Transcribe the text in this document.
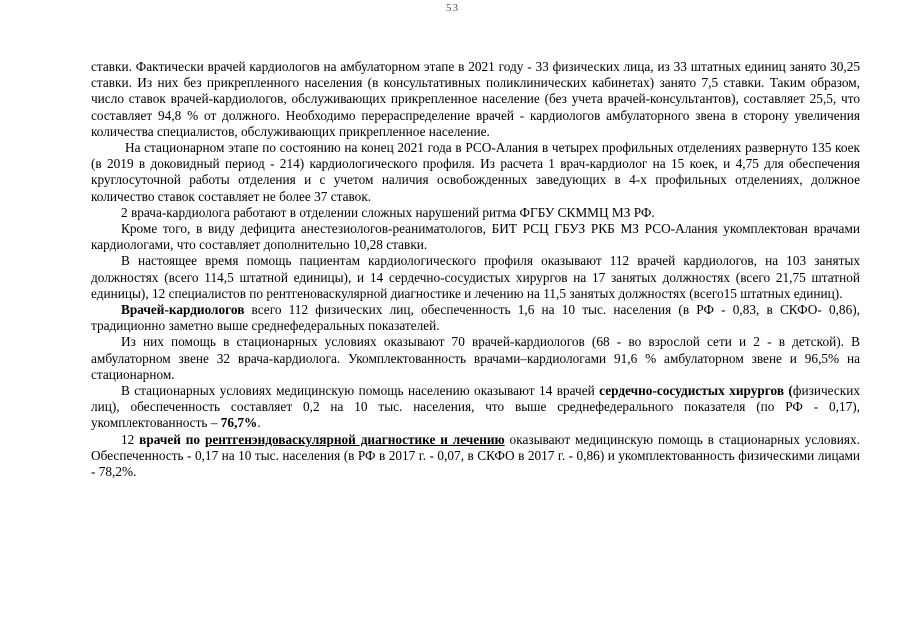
53

ставки. Фактически врачей кардиологов на амбулаторном этапе в 2021 году - 33 физических лица, из 33 штатных единиц занято 30,25 ставки. Из них без прикрепленного населения (в консультативных поликлинических кабинетах) занято 7,5 ставки. Таким образом, число ставок врачей-кардиологов, обслуживающих прикрепленное население (без учета врачей-консультантов), составляет 25,5, что составляет 94,8 % от должного. Необходимо перераспределение врачей - кардиологов амбулаторного звена в сторону увеличения количества специалистов, обслуживающих прикрепленное население.

На стационарном этапе по состоянию на конец 2021 года в РСО-Алания в четырех профильных отделениях развернуто 135 коек (в 2019 в доковидный период - 214) кардиологического профиля. Из расчета 1 врач-кардиолог на 15 коек, и 4,75 для обеспечения круглосуточной работы отделения и с учетом наличия освобожденных заведующих в 4-х профильных отделениях, должное количество ставок составляет не более 37 ставок.

2 врача-кардиолога работают в отделении сложных нарушений ритма ФГБУ СКММЦ МЗ РФ.

Кроме того, в виду дефицита анестезиологов-реаниматологов, БИТ РСЦ ГБУЗ РКБ МЗ РСО-Алания укомплектован врачами кардиологами, что составляет дополнительно 10,28 ставки.

В настоящее время помощь пациентам кардиологического профиля оказывают 112 врачей кардиологов, на 103 занятых должностях (всего 114,5 штатной единицы), и 14 сердечно-сосудистых хирургов на 17 занятых должностях (всего 21,75 штатной единицы), 12 специалистов по рентгеноваскулярной диагностике и лечению на 11,5 занятых должностях (всего15 штатных единиц).

Врачей-кардиологов всего 112 физических лиц, обеспеченность 1,6 на 10 тыс. населения (в РФ - 0,83, в СКФО- 0,86), традиционно заметно выше среднефедеральных показателей.

Из них помощь в стационарных условиях оказывают 70 врачей-кардиологов (68 - во взрослой сети и 2 - в детской). В амбулаторном звене 32 врача-кардиолога. Укомплектованность врачами–кардиологами 91,6 % амбулаторном звене и 96,5% на стационарном.

В стационарных условиях медицинскую помощь населению оказывают 14 врачей сердечно-сосудистых хирургов (физических лиц), обеспеченность составляет 0,2 на 10 тыс. населения, что выше среднефедерального показателя (по РФ - 0,17), укомплектованность – 76,7%.

12 врачей по рентгенэндоваскулярной диагностике и лечению оказывают медицинскую помощь в стационарных условиях. Обеспеченность - 0,17 на 10 тыс. населения (в РФ в 2017 г. - 0,07, в СКФО в 2017 г. - 0,86) и укомплектованность физическими лицами - 78,2%.
